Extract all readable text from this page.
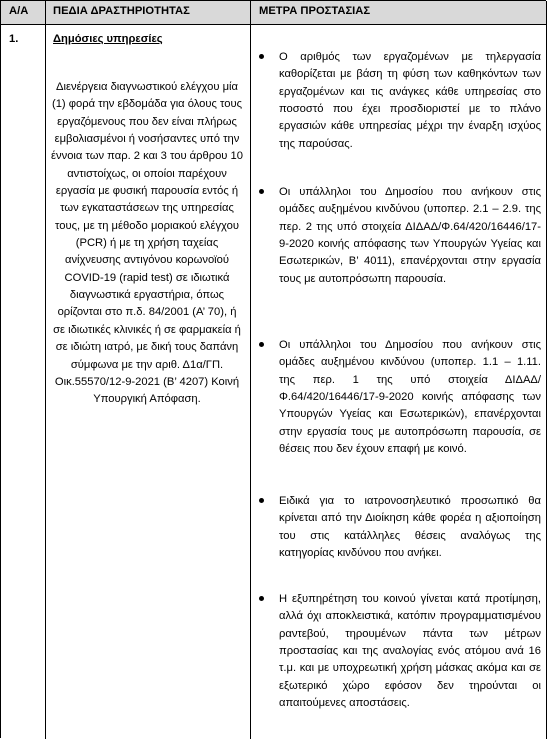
Α/Α ΠΕΔΙΑ ΔΡΑΣΤΗΡΙΟΤΗΤΑΣ	ΜΕΤΡΑ ΠΡΟΣΤΑΣΙΑΣ
1.	Δημόσιες υπηρεσίες
Διενέργεια διαγνωστικού ελέγχου μία (1) φορά την εβδομάδα για όλους τους εργαζόμενους που δεν είναι πλήρως εμβολιασμένοι ή νοσήσαντες υπό την έννοια των παρ. 2 και 3 του άρθρου 10 αντιστοίχως, οι οποίοι παρέχουν εργασία με φυσική παρουσία εντός ή των εγκαταστάσεων της υπηρεσίας τους, με τη μέθοδο μοριακού ελέγχου (PCR) ή με τη χρήση ταχείας ανίχνευσης αντιγόνου κορωνοϊού COVID-19 (rapid test) σε ιδιωτικά διαγνωστικά εργαστήρια, όπως ορίζονται στο π.δ. 84/2001 (Α’ 70), ή σε ιδιωτικές κλινικές ή σε φαρμακεία ή σε ιδιώτη ιατρό, με δική τους δαπάνη σύμφωνα με την αριθ. Δ1α/ΓΠ. Οικ.55570/12-9-2021 (Β’ 4207) Κοινή Υπουργική Απόφαση.
Ο αριθμός των εργαζομένων με τηλεργασία καθορίζεται με βάση τη φύση των καθηκόντων των εργαζομένων και τις ανάγκες κάθε υπηρεσίας στο ποσοστό που έχει προσδιοριστεί με το πλάνο εργασιών κάθε υπηρεσίας μέχρι την έναρξη ισχύος της παρούσας.
Οι υπάλληλοι του Δημοσίου που ανήκουν στις ομάδες αυξημένου κινδύνου (υποπερ. 2.1 – 2.9. της περ. 2 της υπό στοιχεία ΔΙΔΑΔ/Φ.64/420/16446/17-9-2020 κοινής απόφασης των Υπουργών Υγείας και Εσωτερικών, Β’ 4011), επανέρχονται στην εργασία τους με αυτοπρόσωπη παρουσία.
Οι υπάλληλοι του Δημοσίου που ανήκουν στις ομάδες αυξημένου κινδύνου (υποπερ. 1.1 – 1.11. της περ. 1 της υπό στοιχεία ΔΙΔΑΔ/Φ.64/420/16446/17-9-2020 κοινής απόφασης των Υπουργών Υγείας και Εσωτερικών), επανέρχονται στην εργασία τους με αυτοπρόσωπη παρουσία, σε θέσεις που δεν έχουν επαφή με κοινό.
Ειδικά για το ιατρονοσηλευτικό προσωπικό θα κρίνεται από την Διοίκηση κάθε φορέα η αξιοποίηση του στις κατάλληλες θέσεις αναλόγως της κατηγορίας κινδύνου που ανήκει.
Η εξυπηρέτηση του κοινού γίνεται κατά προτίμηση, αλλά όχι αποκλειστικά, κατόπιν προγραμματισμένου ραντεβού, τηρουμένων πάντα των μέτρων προστασίας και της αναλογίας ενός ατόμου ανά 16 τ.μ. και με υποχρεωτική χρήση μάσκας ακόμα και σε εξωτερικό χώρο εφόσον δεν τηρούνται οι απαιτούμενες αποστάσεις.
